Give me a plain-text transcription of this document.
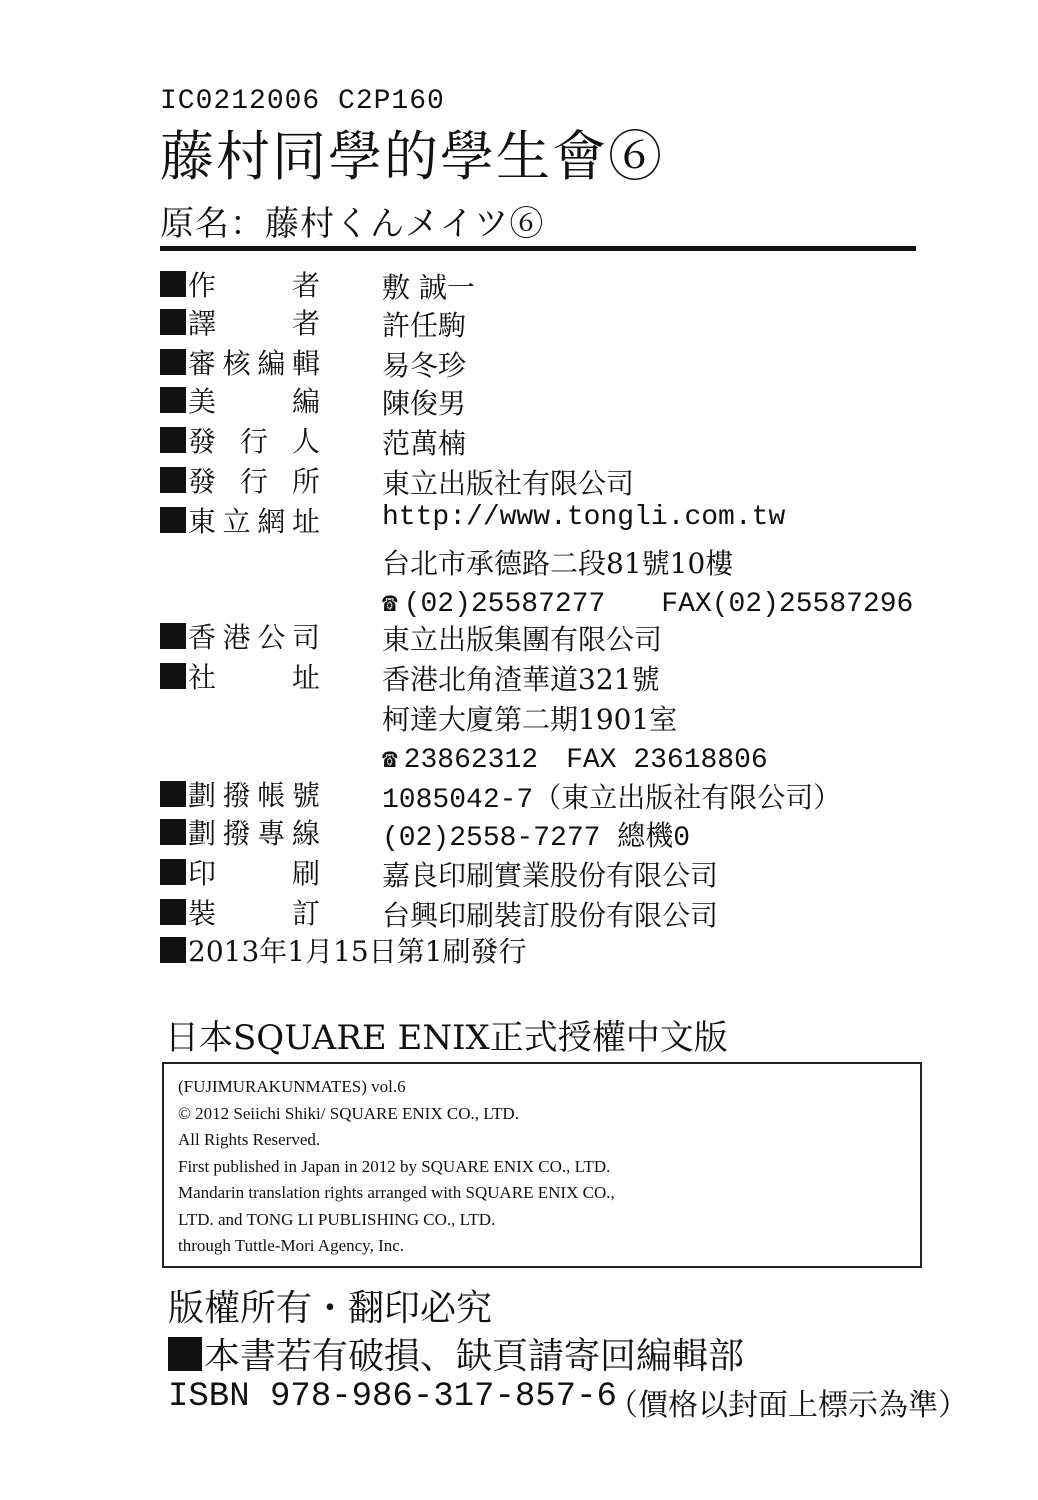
IC0212006 C2P160
藤村同學的學生會⑥
原名：藤村くんメイツ⑥
作	者 敷 誠一
譯	者 許任駒
審 核 編 輯 易冬珍
美	編 陳俊男
發 行 人 范萬楠
發 行 所 東立出版社有限公司
東 立 網 址 http://www.tongli.com.tw
台北市承德路二段81號10樓
☎ (02)25587277　　FAX(02)25587296
香 港 公 司 東立出版集團有限公司
社	址 香港北角渣華道321號
柯達大廈第二期1901室
☎ 23862312　FAX 23618806
劃 撥 帳 號 1085042-7（東立出版社有限公司）
劃 撥 專 線 (02)2558-7277 總機0
印	刷 嘉良印刷實業股份有限公司
裝	訂 台興印刷裝訂股份有限公司
2013年1月15日第1刷發行
日本SQUARE ENIX正式授權中文版
(FUJIMURAKUNMATES) vol.6
© 2012 Seiichi Shiki/ SQUARE ENIX CO., LTD.
All Rights Reserved.
First published in Japan in 2012 by SQUARE ENIX CO., LTD.
Mandarin translation rights arranged with SQUARE ENIX CO.,
LTD. and TONG LI PUBLISHING CO., LTD.
through Tuttle-Mori Agency, Inc.
版權所有・翻印必究
本書若有破損、缺頁請寄回編輯部
ISBN 978-986-317-857-6
（價格以封面上標示為準）
